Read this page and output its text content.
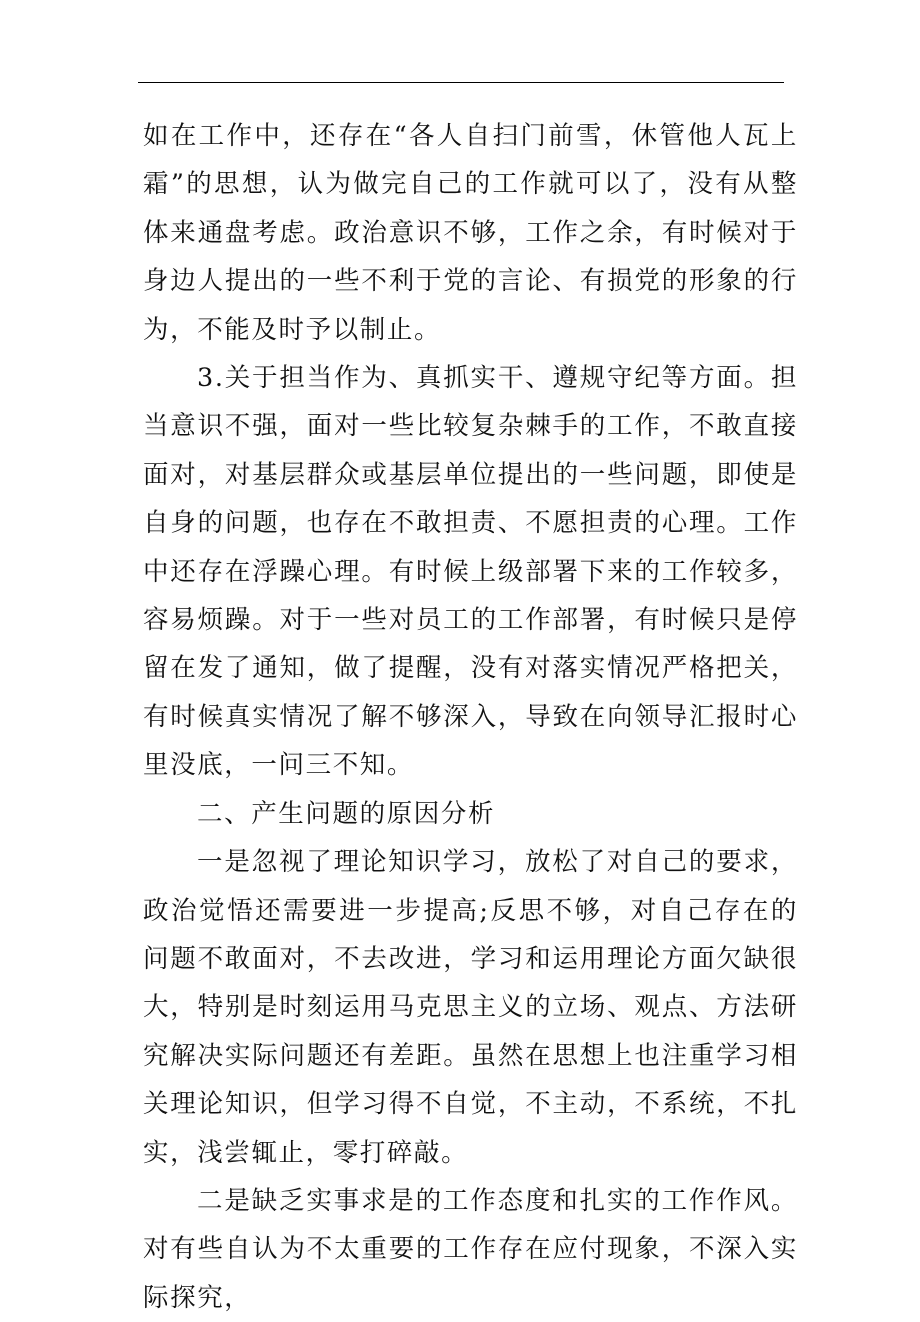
如在工作中，还存在“各人自扫门前雪，休管他人瓦上霜”的思想，认为做完自己的工作就可以了，没有从整体来通盘考虑。政治意识不够，工作之余，有时候对于身边人提出的一些不利于党的言论、有损党的形象的行为，不能及时予以制止。

3.关于担当作为、真抓实干、遵规守纪等方面。担当意识不强，面对一些比较复杂棘手的工作，不敢直接面对，对基层群众或基层单位提出的一些问题，即使是自身的问题，也存在不敢担责、不愿担责的心理。工作中还存在浮躁心理。有时候上级部署下来的工作较多，容易烦躁。对于一些对员工的工作部署，有时候只是停留在发了通知，做了提醒，没有对落实情况严格把关，有时候真实情况了解不够深入，导致在向领导汇报时心里没底，一问三不知。

二、产生问题的原因分析

一是忽视了理论知识学习，放松了对自己的要求，政治觉悟还需要进一步提高;反思不够，对自己存在的问题不敢面对，不去改进，学习和运用理论方面欠缺很大，特别是时刻运用马克思主义的立场、观点、方法研究解决实际问题还有差距。虽然在思想上也注重学习相关理论知识，但学习得不自觉，不主动，不系统，不扎实，浅尝辄止，零打碎敲。

二是缺乏实事求是的工作态度和扎实的工作作风。对有些自认为不太重要的工作存在应付现象，不深入实际探究，
